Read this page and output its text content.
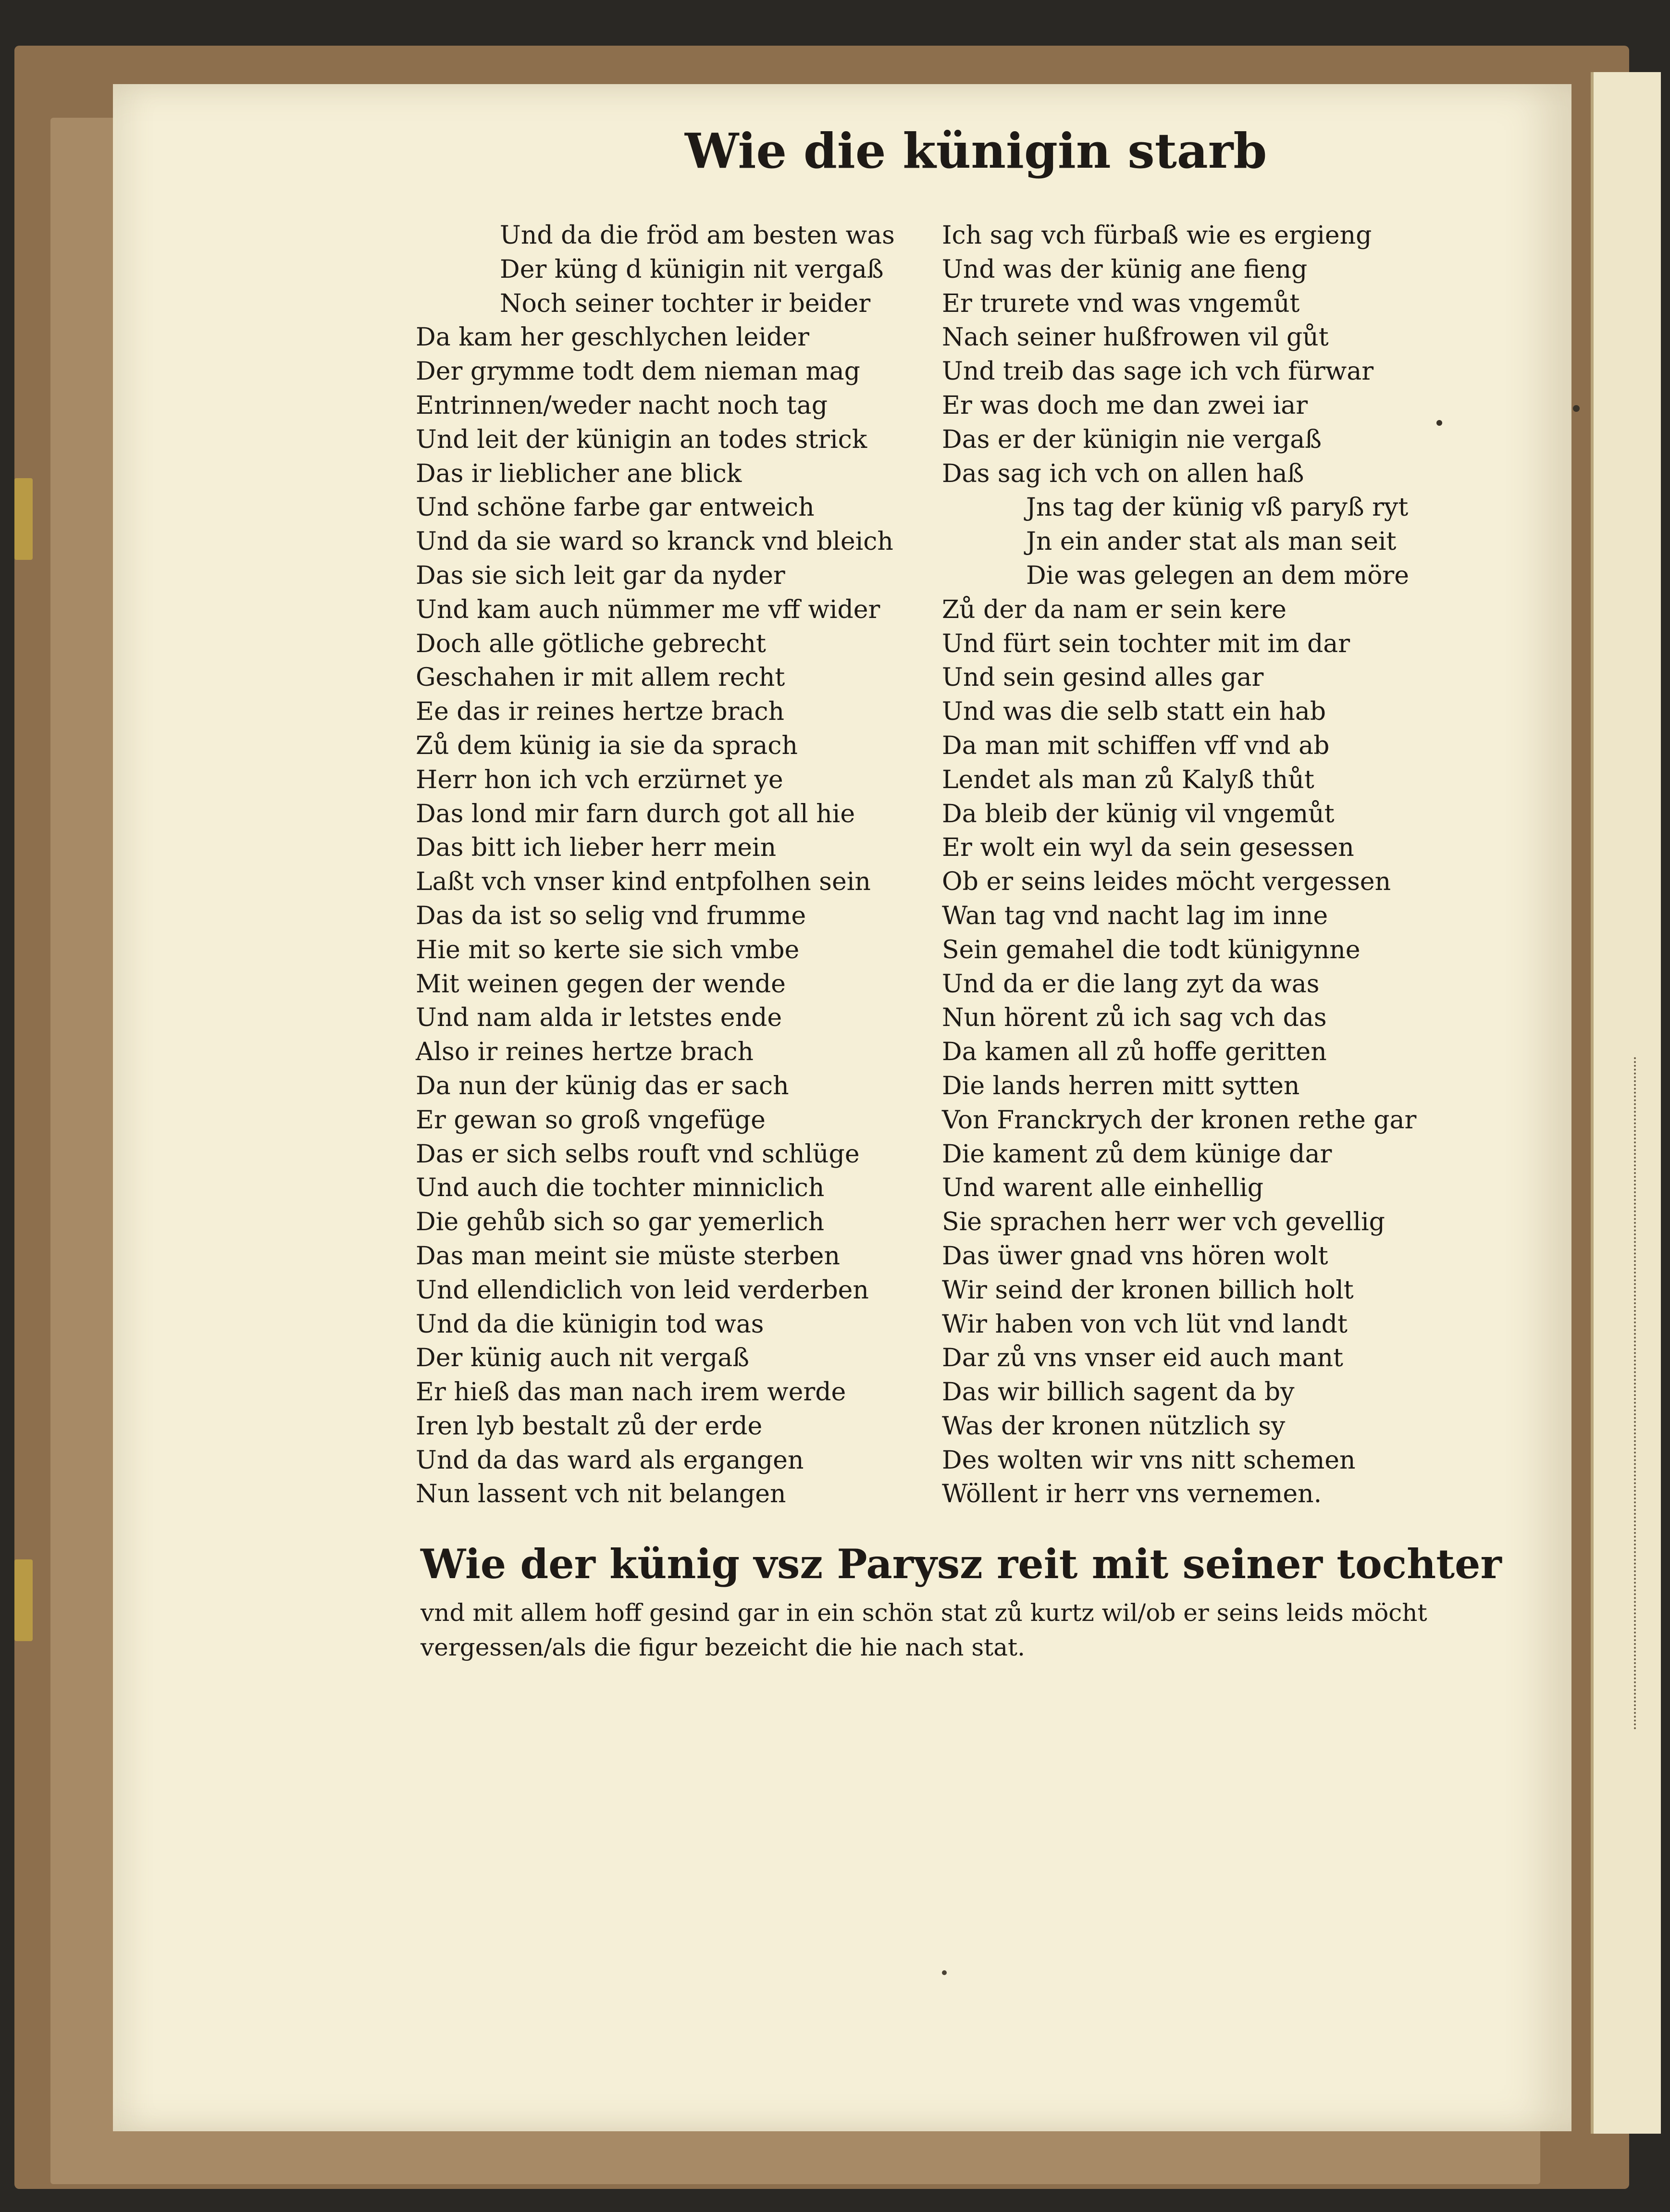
Wie die künigin starb
Und da die fröd am besten was
Der küng d künigin nit vergaß
Noch seiner tochter ir beider
Da kam her geschlychen leider
Der grymme todt dem nieman mag
Entrinnen/weder nacht noch tag
Und leit der künigin an todes strick
Das ir lieblicher ane blick
Und schöne farbe gar entweich
Und da sie ward so kranck vnd bleich
Das sie sich leit gar da nyder
Und kam auch nümmer me vff wider
Doch alle götliche gebrecht
Geschahen ir mit allem recht
Ee das ir reines hertze brach
Zů dem künig ia sie da sprach
Herr hon ich vch erzürnet ye
Das lond mir farn durch got all hie
Das bitt ich lieber herr mein
Laßt vch vnser kind entpfolhen sein
Das da ist so selig vnd frumme
Hie mit so kerte sie sich vmbe
Mit weinen gegen der wende
Und nam alda ir letstes ende
Also ir reines hertze brach
Da nun der künig das er sach
Er gewan so groß vngefüge
Das er sich selbs rouft vnd schlüge
Und auch die tochter minniclich
Die gehůb sich so gar yemerlich
Das man meint sie müste sterben
Und ellendiclich von leid verderben
Und da die künigin tod was
Der künig auch nit vergaß
Er hieß das man nach irem werde
Iren lyb bestalt zů der erde
Und da das ward als ergangen
Nun lassent vch nit belangen
Ich sag vch fürbaß wie es ergieng
Und was der künig ane fieng
Er trurete vnd was vngemůt
Nach seiner hußfrowen vil gůt
Und treib das sage ich vch fürwar
Er was doch me dan zwei iar
Das er der künigin nie vergaß
Das sag ich vch on allen haß
Jns tag der künig vß paryß ryt
Jn ein ander stat als man seit
Die was gelegen an dem möre
Zů der da nam er sein kere
Und fürt sein tochter mit im dar
Und sein gesind alles gar
Und was die selb statt ein hab
Da man mit schiffen vff vnd ab
Lendet als man zů Kalyß thůt
Da bleib der künig vil vngemůt
Er wolt ein wyl da sein gesessen
Ob er seins leides möcht vergessen
Wan tag vnd nacht lag im inne
Sein gemahel die todt künigynne
Und da er die lang zyt da was
Nun hörent zů ich sag vch das
Da kamen all zů hoffe geritten
Die lands herren mitt sytten
Von Franckrych der kronen rethe gar
Die kament zů dem künige dar
Und warent alle einhellig
Sie sprachen herr wer vch gevellig
Das üwer gnad vns hören wolt
Wir seind der kronen billich holt
Wir haben von vch lüt vnd landt
Dar zů vns vnser eid auch mant
Das wir billich sagent da by
Was der kronen nützlich sy
Des wolten wir vns nitt schemen
Wöllent ir herr vns vernemen.
Wie der künig vsz Parysz reit mit seiner tochter
vnd mit allem hoff gesind gar in ein schön stat zů kurtz wil/ob er seins leids möcht
vergessen/als die figur bezeicht die hie nach stat.
